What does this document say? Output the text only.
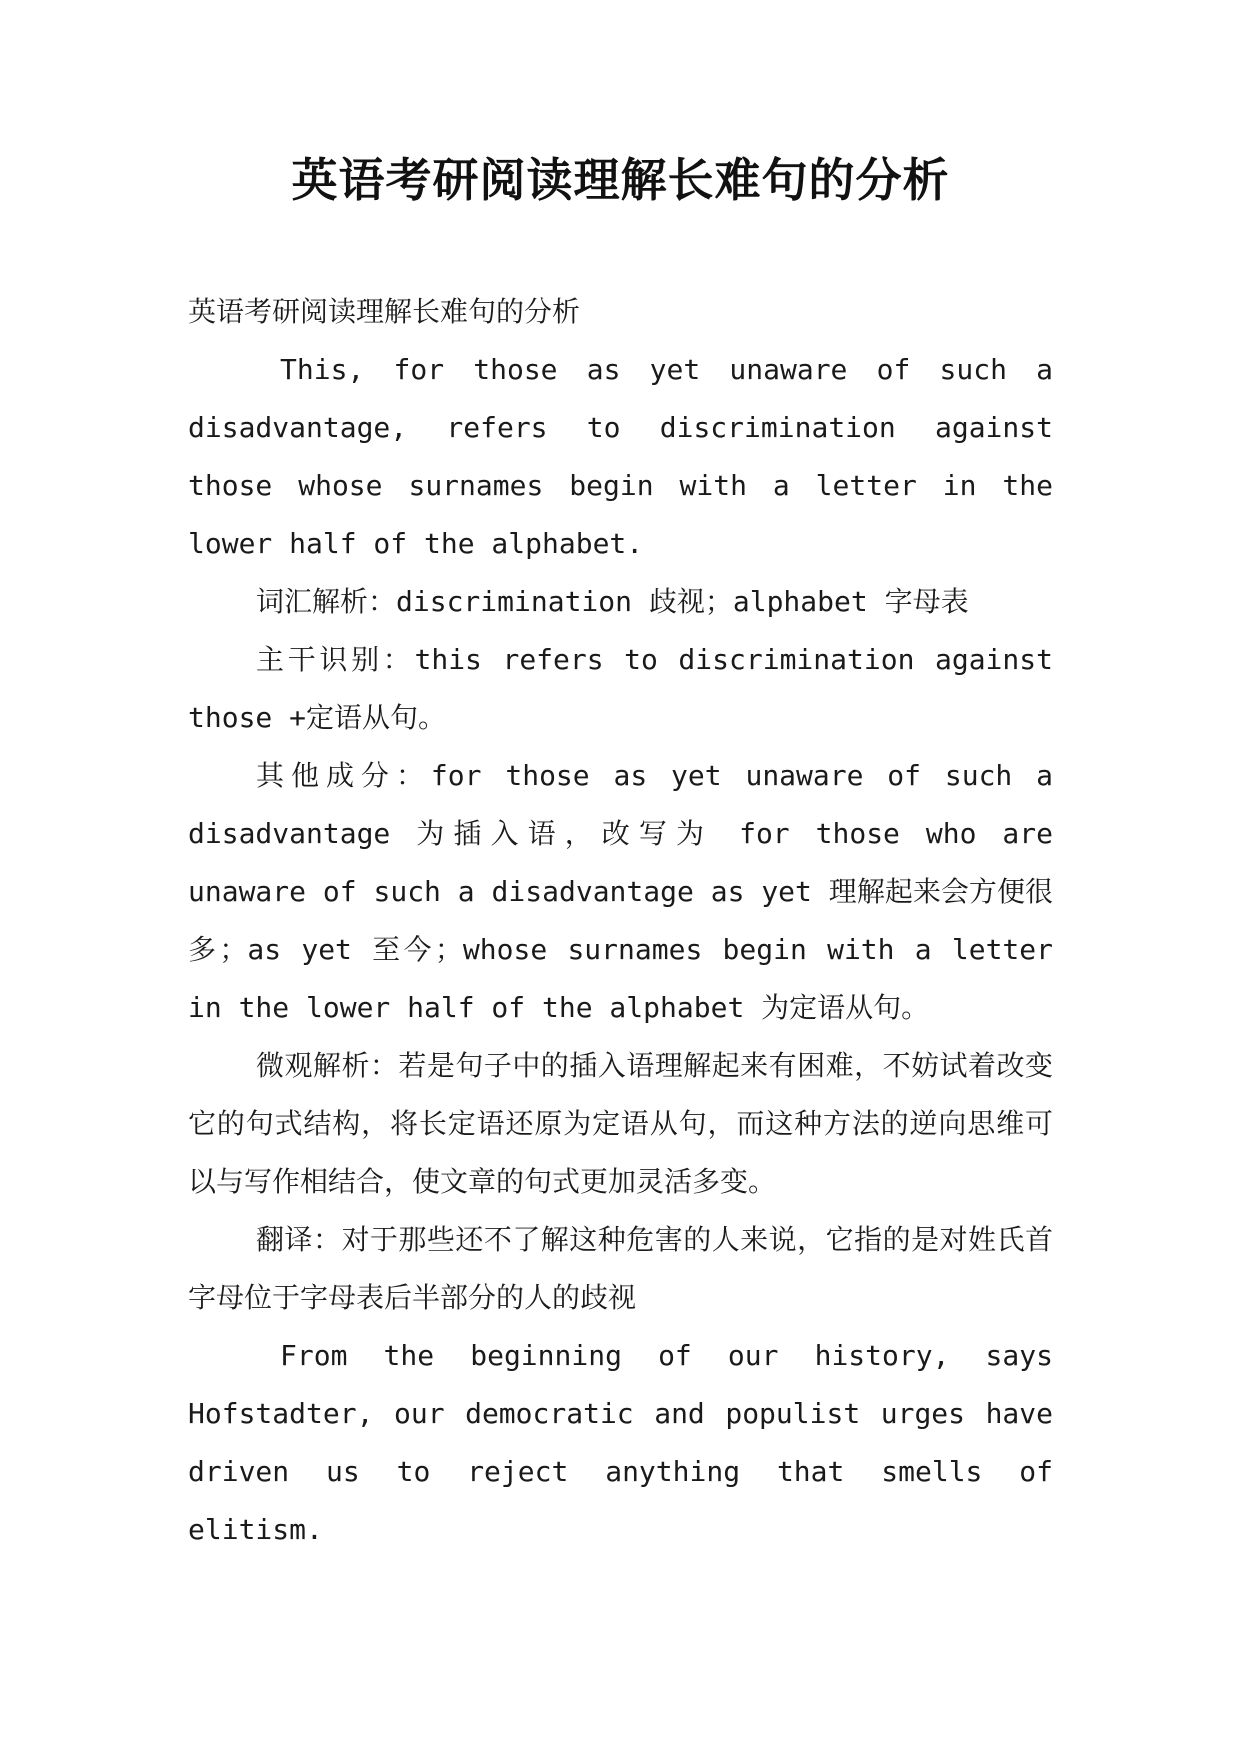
英语考研阅读理解长难句的分析

英语考研阅读理解长难句的分析

This, for those as yet unaware of such a disadvantage, refers to discrimination against those whose surnames begin with a letter in the lower half of the alphabet.

词汇解析：discrimination 歧视；alphabet 字母表

主干识别：this refers to discrimination against those +定语从句。

其他成分：for those as yet unaware of such a disadvantage 为插入语，改写为 for those who are unaware of such a disadvantage as yet 理解起来会方便很多；as yet 至今；whose surnames begin with a letter in the lower half of the alphabet 为定语从句。

微观解析：若是句子中的插入语理解起来有困难，不妨试着改变它的句式结构，将长定语还原为定语从句，而这种方法的逆向思维可以与写作相结合，使文章的句式更加灵活多变。

翻译：对于那些还不了解这种危害的人来说，它指的是对姓氏首字母位于字母表后半部分的人的歧视

From the beginning of our history, says Hofstadter, our democratic and populist urges have driven us to reject anything that smells of elitism.
